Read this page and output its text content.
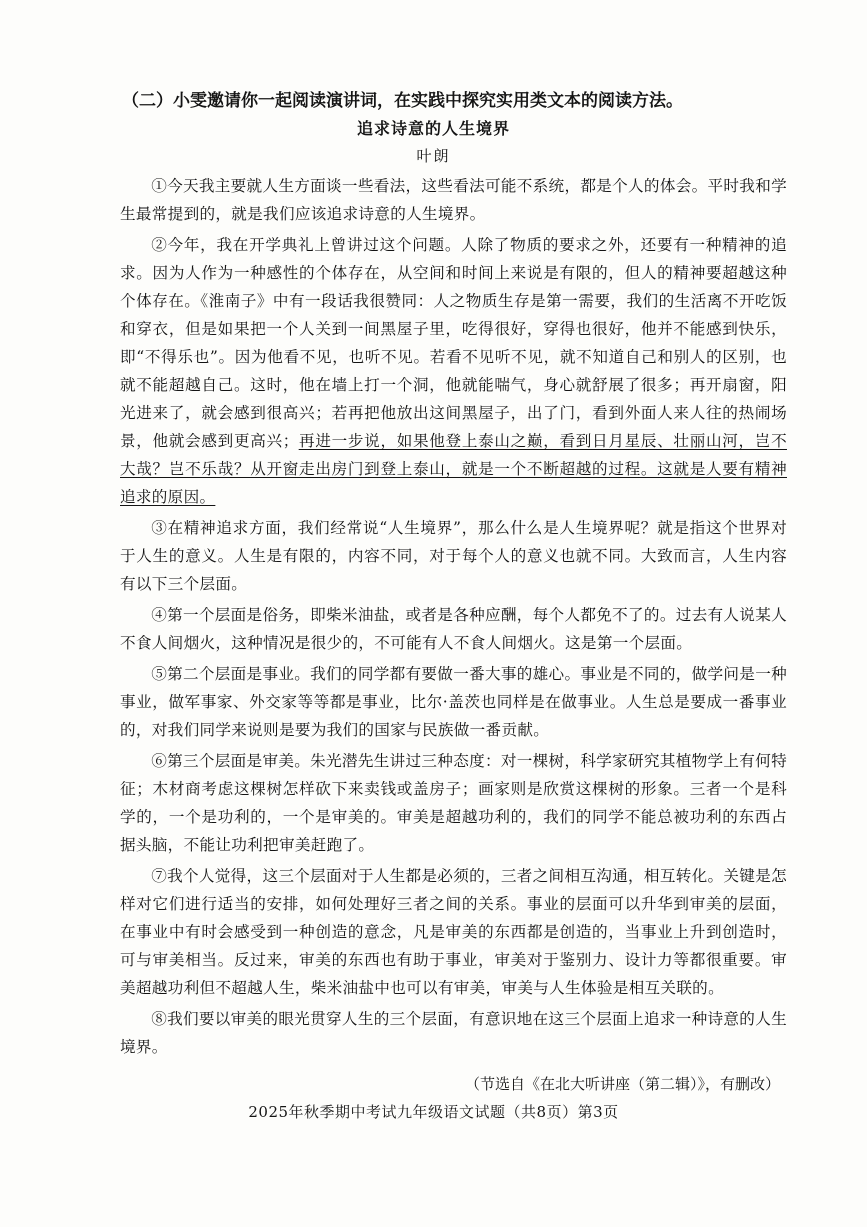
（二）小雯邀请你一起阅读演讲词，在实践中探究实用类文本的阅读方法。
追求诗意的人生境界
叶朗

①今天我主要就人生方面谈一些看法，这些看法可能不系统，都是个人的体会。平时我和学生最常提到的，就是我们应该追求诗意的人生境界。

②今年，我在开学典礼上曾讲过这个问题。人除了物质的要求之外，还要有一种精神的追求。因为人作为一种感性的个体存在，从空间和时间上来说是有限的，但人的精神要超越这种个体存在。《淮南子》中有一段话我很赞同：人之物质生存是第一需要，我们的生活离不开吃饭和穿衣，但是如果把一个人关到一间黑屋子里，吃得很好，穿得也很好，他并不能感到快乐，即“不得乐也”。因为他看不见，也听不见。若看不见听不见，就不知道自己和别人的区别，也就不能超越自己。这时，他在墙上打一个洞，他就能喘气，身心就舒展了很多；再开扇窗，阳光进来了，就会感到很高兴；若再把他放出这间黑屋子，出了门，看到外面人来人往的热闹场景，他就会感到更高兴；再进一步说，如果他登上泰山之巅，看到日月星辰、壮丽山河，岂不大哉？岂不乐哉？从开窗走出房门到登上泰山，就是一个不断超越的过程。这就是人要有精神追求的原因。

③在精神追求方面，我们经常说“人生境界”，那么什么是人生境界呢？就是指这个世界对于人生的意义。人生是有限的，内容不同，对于每个人的意义也就不同。大致而言，人生内容有以下三个层面。

④第一个层面是俗务，即柴米油盐，或者是各种应酬，每个人都免不了的。过去有人说某人不食人间烟火，这种情况是很少的，不可能有人不食人间烟火。这是第一个层面。

⑤第二个层面是事业。我们的同学都有要做一番大事的雄心。事业是不同的，做学问是一种事业，做军事家、外交家等等都是事业，比尔·盖茨也同样是在做事业。人生总是要成一番事业的，对我们同学来说则是要为我们的国家与民族做一番贡献。

⑥第三个层面是审美。朱光潜先生讲过三种态度：对一棵树，科学家研究其植物学上有何特征；木材商考虑这棵树怎样砍下来卖钱或盖房子；画家则是欣赏这棵树的形象。三者一个是科学的，一个是功利的，一个是审美的。审美是超越功利的，我们的同学不能总被功利的东西占据头脑，不能让功利把审美赶跑了。

⑦我个人觉得，这三个层面对于人生都是必须的，三者之间相互沟通，相互转化。关键是怎样对它们进行适当的安排，如何处理好三者之间的关系。事业的层面可以升华到审美的层面，在事业中有时会感受到一种创造的意念，凡是审美的东西都是创造的，当事业上升到创造时，可与审美相当。反过来，审美的东西也有助于事业，审美对于鉴别力、设计力等都很重要。审美超越功利但不超越人生，柴米油盐中也可以有审美，审美与人生体验是相互关联的。

⑧我们要以审美的眼光贯穿人生的三个层面，有意识地在这三个层面上追求一种诗意的人生境界。

（节选自《在北大听讲座（第二辑）》，有删改）
2025年秋季期中考试九年级语文试题（共8页）第3页
